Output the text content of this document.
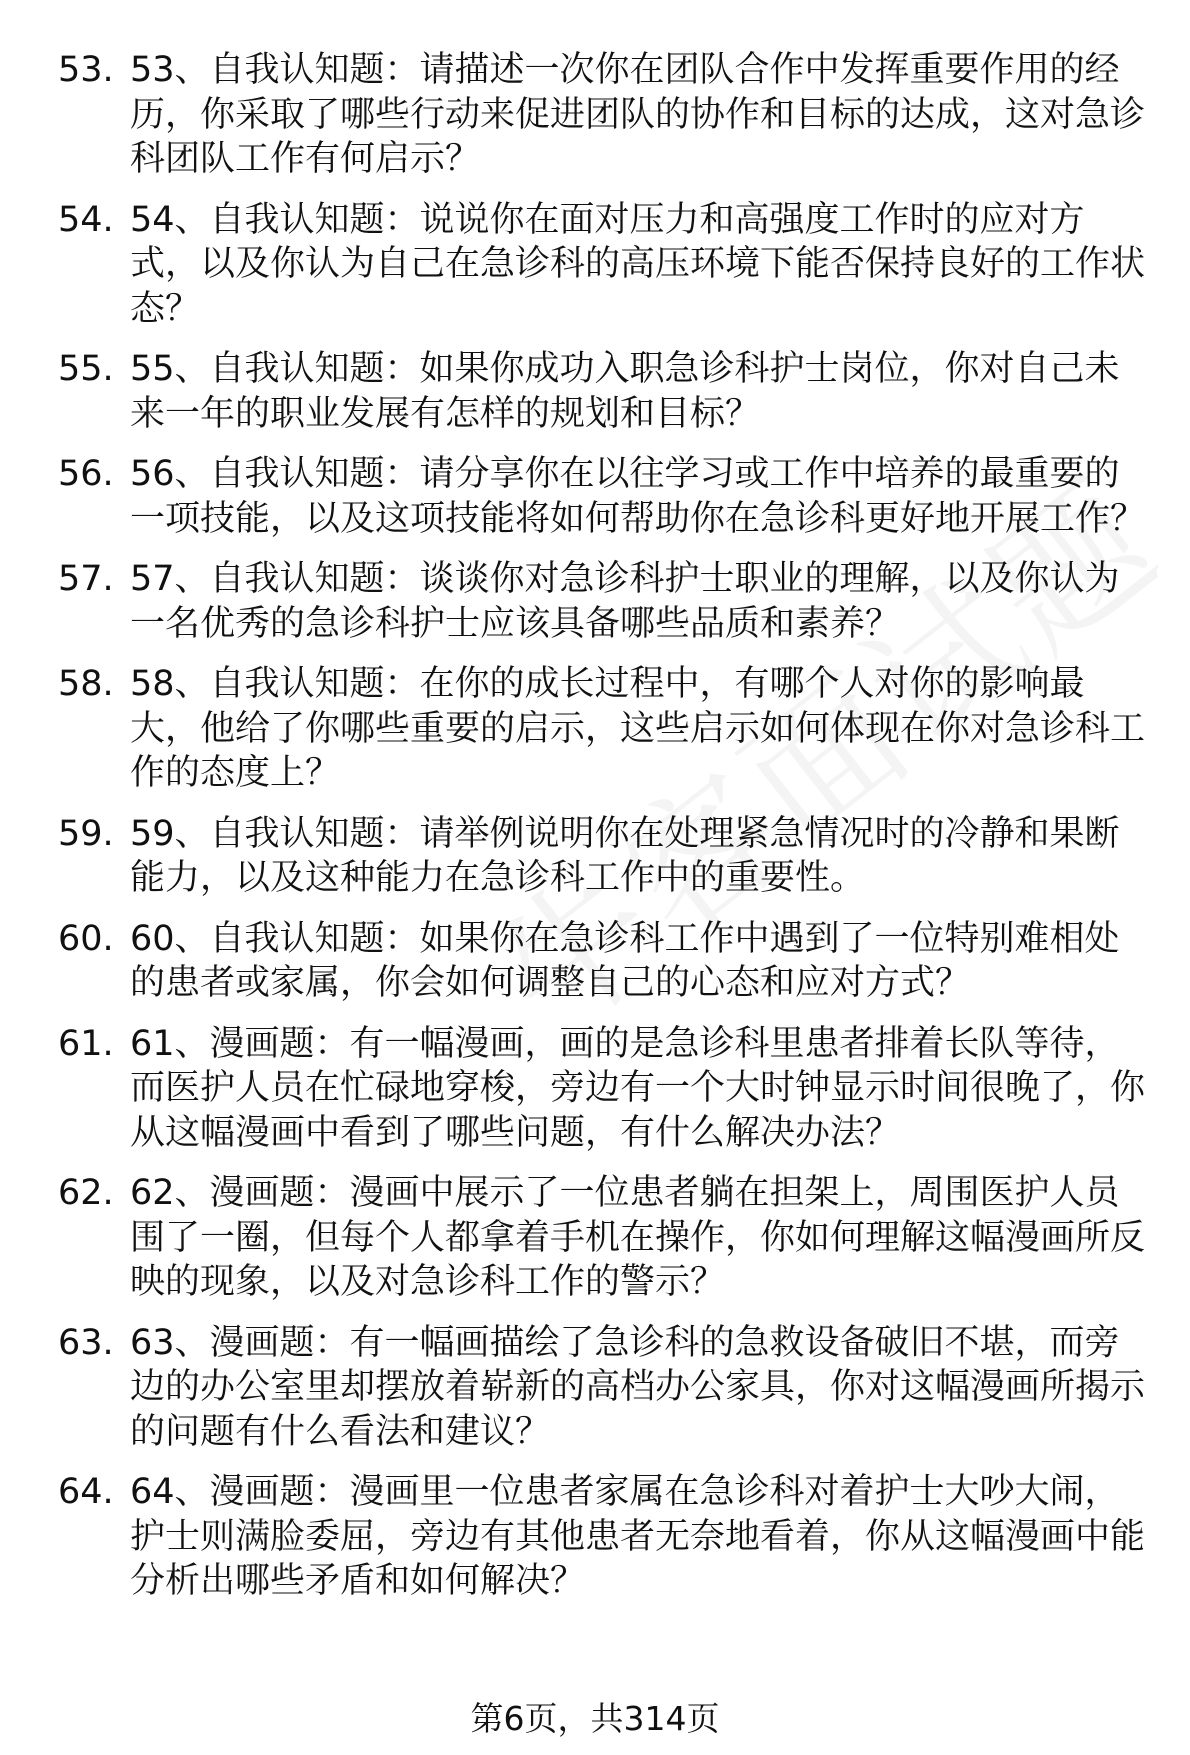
53. 53、自我认知题：请描述一次你在团队合作中发挥重要作用的经历，你采取了哪些行动来促进团队的协作和目标的达成，这对急诊科团队工作有何启示？
54. 54、自我认知题：说说你在面对压力和高强度工作时的应对方式，以及你认为自己在急诊科的高压环境下能否保持良好的工作状态？
55. 55、自我认知题：如果你成功入职急诊科护士岗位，你对自己未来一年的职业发展有怎样的规划和目标？
56. 56、自我认知题：请分享你在以往学习或工作中培养的最重要的一项技能，以及这项技能将如何帮助你在急诊科更好地开展工作？
57. 57、自我认知题：谈谈你对急诊科护士职业的理解，以及你认为一名优秀的急诊科护士应该具备哪些品质和素养？
58. 58、自我认知题：在你的成长过程中，有哪个人对你的影响最大，他给了你哪些重要的启示，这些启示如何体现在你对急诊科工作的态度上？
59. 59、自我认知题：请举例说明你在处理紧急情况时的冷静和果断能力，以及这种能力在急诊科工作中的重要性。
60. 60、自我认知题：如果你在急诊科工作中遇到了一位特别难相处的患者或家属，你会如何调整自己的心态和应对方式？
61. 61、漫画题：有一幅漫画，画的是急诊科里患者排着长队等待，而医护人员在忙碌地穿梭，旁边有一个大时钟显示时间很晚了，你从这幅漫画中看到了哪些问题，有什么解决办法？
62. 62、漫画题：漫画中展示了一位患者躺在担架上，周围医护人员围了一圈，但每个人都拿着手机在操作，你如何理解这幅漫画所反映的现象，以及对急诊科工作的警示？
63. 63、漫画题：有一幅画描绘了急诊科的急救设备破旧不堪，而旁边的办公室里却摆放着崭新的高档办公家具，你对这幅漫画所揭示的问题有什么看法和建议？
64. 64、漫画题：漫画里一位患者家属在急诊科对着护士大吵大闹，护士则满脸委屈，旁边有其他患者无奈地看着，你从这幅漫画中能分析出哪些矛盾和如何解决？
第6页，共314页
